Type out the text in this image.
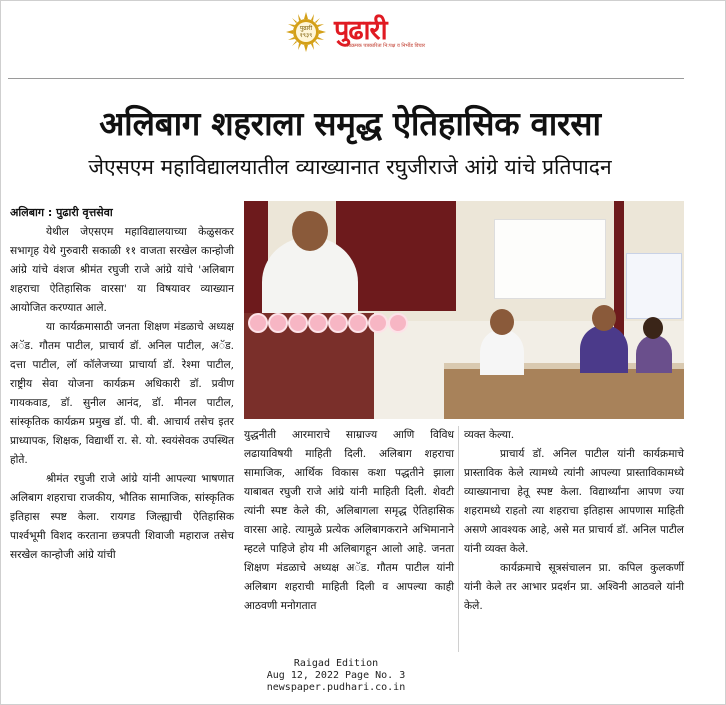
पुढारी
१९३९ पुढारी
आक्रमक पत्रकारिता नि:पक्ष व निर्भीड विचार
अलिबाग शहराला समृद्ध ऐतिहासिक वारसा
जेएसएम महाविद्यालयातील व्याख्यानात रघुजीराजे आंग्रे यांचे प्रतिपादन
अलिबाग : पुढारी वृत्तसेवा

येथील जेएसएम महाविद्यालयाच्या केळुसकर सभागृह येथे गुरुवारी सकाळी ११ वाजता सरखेल कान्होजी आंग्रे यांचे वंशज श्रीमंत रघुजी राजे आंग्रे यांचे 'अलिबाग शहराचा ऐतिहासिक वारसा' या विषयावर व्याख्यान आयोजित करण्यात आले.

या कार्यक्रमासाठी जनता शिक्षण मंडळाचे अध्यक्ष अॅड. गौतम पाटील, प्राचार्य डॉ. अनिल पाटील, अॅड. दत्ता पाटील, लॉ कॉलेजच्या प्राचार्या डॉ. रेश्मा पाटील, राष्ट्रीय सेवा योजना कार्यक्रम अधिकारी डॉ. प्रवीण गायकवाड, डॉ. सुनील आनंद, डॉ. मीनल पाटील, सांस्कृतिक कार्यक्रम प्रमुख डॉ. पी. बी. आचार्य तसेच इतर प्राध्यापक, शिक्षक, विद्यार्थी रा. से. यो. स्वयंसेवक उपस्थित होते.

श्रीमंत रघुजी राजे आंग्रे यांनी आपल्या भाषणात अलिबाग शहराचा राजकीय, भौतिक सामाजिक, सांस्कृतिक इतिहास स्पष्ट केला. रायगड जिल्ह्याची ऐतिहासिक पार्श्वभूमी विशद करताना छत्रपती शिवाजी महाराज तसेच सरखेल कान्होजी आंग्रे यांची

युद्धनीती आरमाराचे साम्राज्य आणि विविध लढायाविषयी माहिती दिली. अलिबाग शहराचा सामाजिक, आर्थिक विकास कशा पद्धतीने झाला याबाबत रघुजी राजे आंग्रे यांनी माहिती दिली. शेवटी त्यांनी स्पष्ट केले की, अलिबागला समृद्ध ऐतिहासिक वारसा आहे. त्यामुळे प्रत्येक अलिबागकराने अभिमानाने म्हटले पाहिजे होय मी अलिबागहून आलो आहे. जनता शिक्षण मंडळाचे अध्यक्ष अॅड. गौतम पाटील यांनी अलिबाग शहराची माहिती दिली व आपल्या काही आठवणी मनोगतात

व्यक्त केल्या.

प्राचार्य डॉ. अनिल पाटील यांनी कार्यक्रमाचे प्रास्ताविक केले त्यामध्ये त्यांनी आपल्या प्रास्ताविकामध्ये व्याख्यानाचा हेतू स्पष्ट केला. विद्यार्थ्यांना आपण ज्या शहरामध्ये राहतो त्या शहराचा इतिहास आपणास माहिती असणे आवश्यक आहे, असे मत प्राचार्य डॉ. अनिल पाटील यांनी व्यक्त केले.

कार्यक्रमाचे सूत्रसंचालन प्रा. कपिल कुलकर्णी यांनी केले तर आभार प्रदर्शन प्रा. अश्विनी आठवले यांनी केले.

Raigad Edition
Aug 12, 2022 Page No. 3
newspaper.pudhari.co.in
